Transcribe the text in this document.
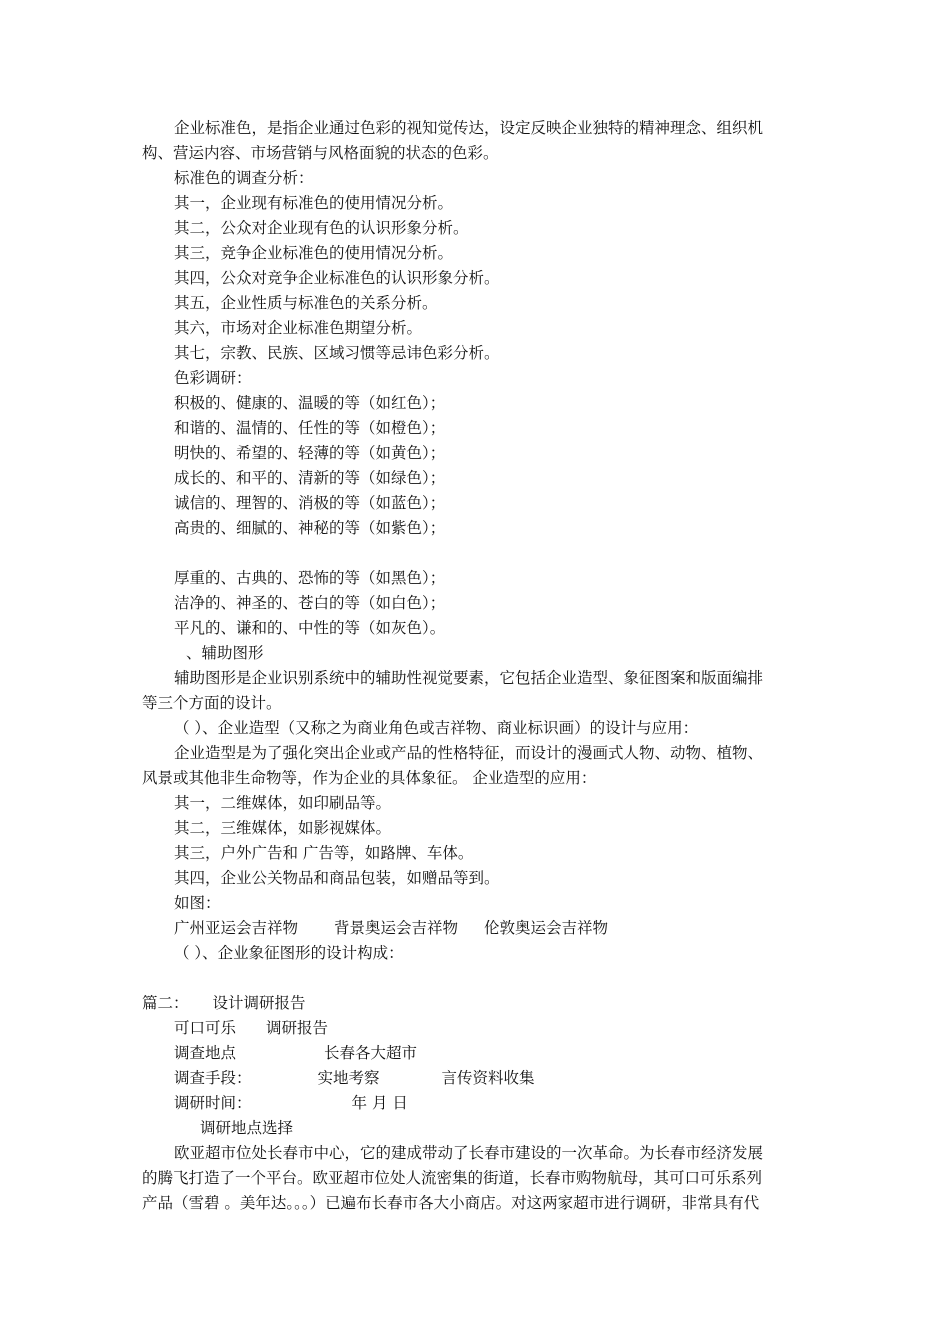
企业标准色，是指企业通过色彩的视知觉传达，设定反映企业独特的精神理念、组织机
构、营运内容、市场营销与风格面貌的状态的色彩。
标准色的调查分析：
其一，企业现有标准色的使用情况分析。
其二，公众对企业现有色的认识形象分析。
其三，竞争企业标准色的使用情况分析。
其四，公众对竞争企业标准色的认识形象分析。
其五，企业性质与标准色的关系分析。
其六，市场对企业标准色期望分析。
其七，宗教、民族、区域习惯等忌讳色彩分析。
色彩调研：
积极的、健康的、温暖的等（如红色）；
和谐的、温情的、任性的等（如橙色）；
明快的、希望的、轻薄的等（如黄色）；
成长的、和平的、清新的等（如绿色）；
诚信的、理智的、消极的等（如蓝色）；
高贵的、细腻的、神秘的等（如紫色）；
厚重的、古典的、恐怖的等（如黑色）；
洁净的、神圣的、苍白的等（如白色）；
平凡的、谦和的、中性的等（如灰色）。
、辅助图形
辅助图形是企业识别系统中的辅助性视觉要素，它包括企业造型、象征图案和版面编排
等三个方面的设计。
（ ）、企业造型（又称之为商业角色或吉祥物、商业标识画）的设计与应用：
企业造型是为了强化突出企业或产品的性格特征，而设计的漫画式人物、动物、植物、
风景或其他非生命物等，作为企业的具体象征。 企业造型的应用：
其一，二维媒体，如印刷品等。
其二，三维媒体，如影视媒体。
其三，户外广告和 广告等，如路牌、车体。
其四，企业公关物品和商品包装，如赠品等到。
如图：
广州亚运会吉祥物 背景奥运会吉祥物 伦敦奥运会吉祥物
（ ）、企业象征图形的设计构成：
篇二： 设计调研报告
可口可乐 调研报告
调查地点	长春各大超市
调查手段：	实地考察	言传资料收集
调研时间：	年 月 日
调研地点选择
欧亚超市位处长春市中心，它的建成带动了长春市建设的一次革命。为长春市经济发展
的腾飞打造了一个平台。欧亚超市位处人流密集的街道，长春市购物航母，其可口可乐系列
产品（雪碧 。美年达。。。）已遍布长春市各大小商店。对这两家超市进行调研，非常具有代
